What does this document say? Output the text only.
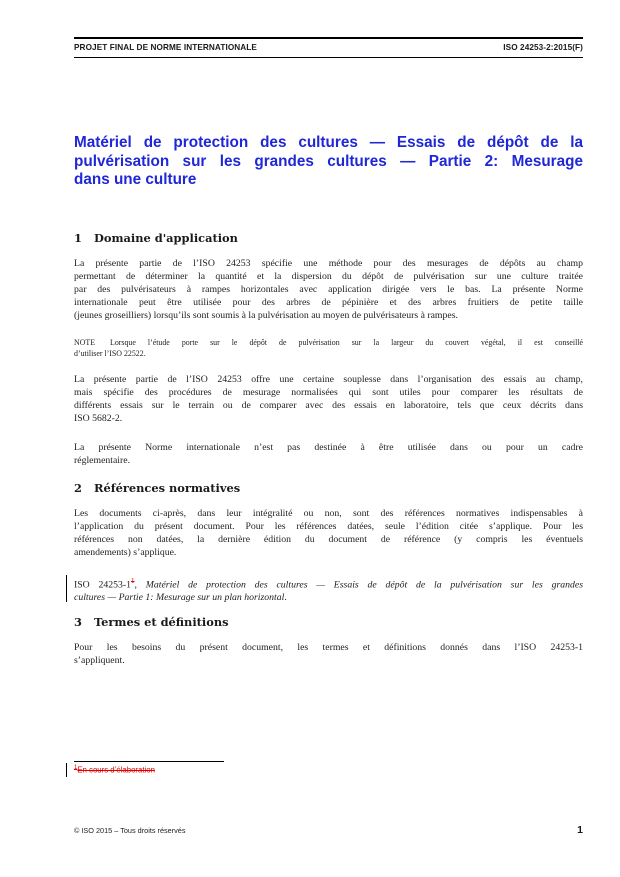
PROJET FINAL DE NORME INTERNATIONALE	ISO 24253-2:2015(F)
Matériel de protection des cultures — Essais de dépôt de la
pulvérisation sur les grandes cultures — Partie 2: Mesurage
dans une culture
1 Domaine d'application
La présente partie de l’ISO 24253 spécifie une méthode pour des mesurages de dépôts au champ
permettant de déterminer la quantité et la dispersion du dépôt de pulvérisation sur une culture traitée
par des pulvérisateurs à rampes horizontales avec application dirigée vers le bas. La présente Norme
internationale peut être utilisée pour des arbres de pépinière et des arbres fruitiers de petite taille
(jeunes groseilliers) lorsqu’ils sont soumis à la pulvérisation au moyen de pulvérisateurs à rampes.
NOTE Lorsque l’étude porte sur le dépôt de pulvérisation sur la largeur du couvert végétal, il est conseillé
d’utiliser l’ISO 22522.
La présente partie de l’ISO 24253 offre une certaine souplesse dans l’organisation des essais au champ,
mais spécifie des procédures de mesurage normalisées qui sont utiles pour comparer les résultats de
différents essais sur le terrain ou de comparer avec des essais en laboratoire, tels que ceux décrits dans
ISO 5682-2.
La présente Norme internationale n’est pas destinée à être utilisée dans ou pour un cadre
réglementaire.
2 Références normatives
Les documents ci-après, dans leur intégralité ou non, sont des références normatives indispensables à
l’application du présent document. Pour les références datées, seule l’édition citée s’applique. Pour les
références non datées, la dernière édition du document de référence (y compris les éventuels
amendements) s’applique.
ISO $24253-1^1$, Matériel de protection des cultures — Essais de dépôt de la pulvérisation sur les grandes
cultures — Partie 1: Mesurage sur un plan horizontal.
3 Termes et définitions
Pour les besoins du présent document, les termes et définitions donnés dans l’ISO 24253-1
s’appliquent.
$^1$En cours d’élaboration
© ISO 2015 – Tous droits réservés	1
